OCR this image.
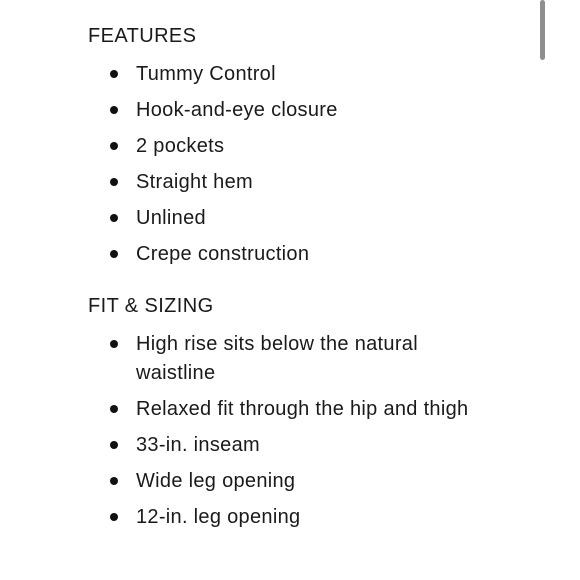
FEATURES
Tummy Control
Hook-and-eye closure
2 pockets
Straight hem
Unlined
Crepe construction
FIT & SIZING
High rise sits below the natural waistline
Relaxed fit through the hip and thigh
33-in. inseam
Wide leg opening
12-in. leg opening
